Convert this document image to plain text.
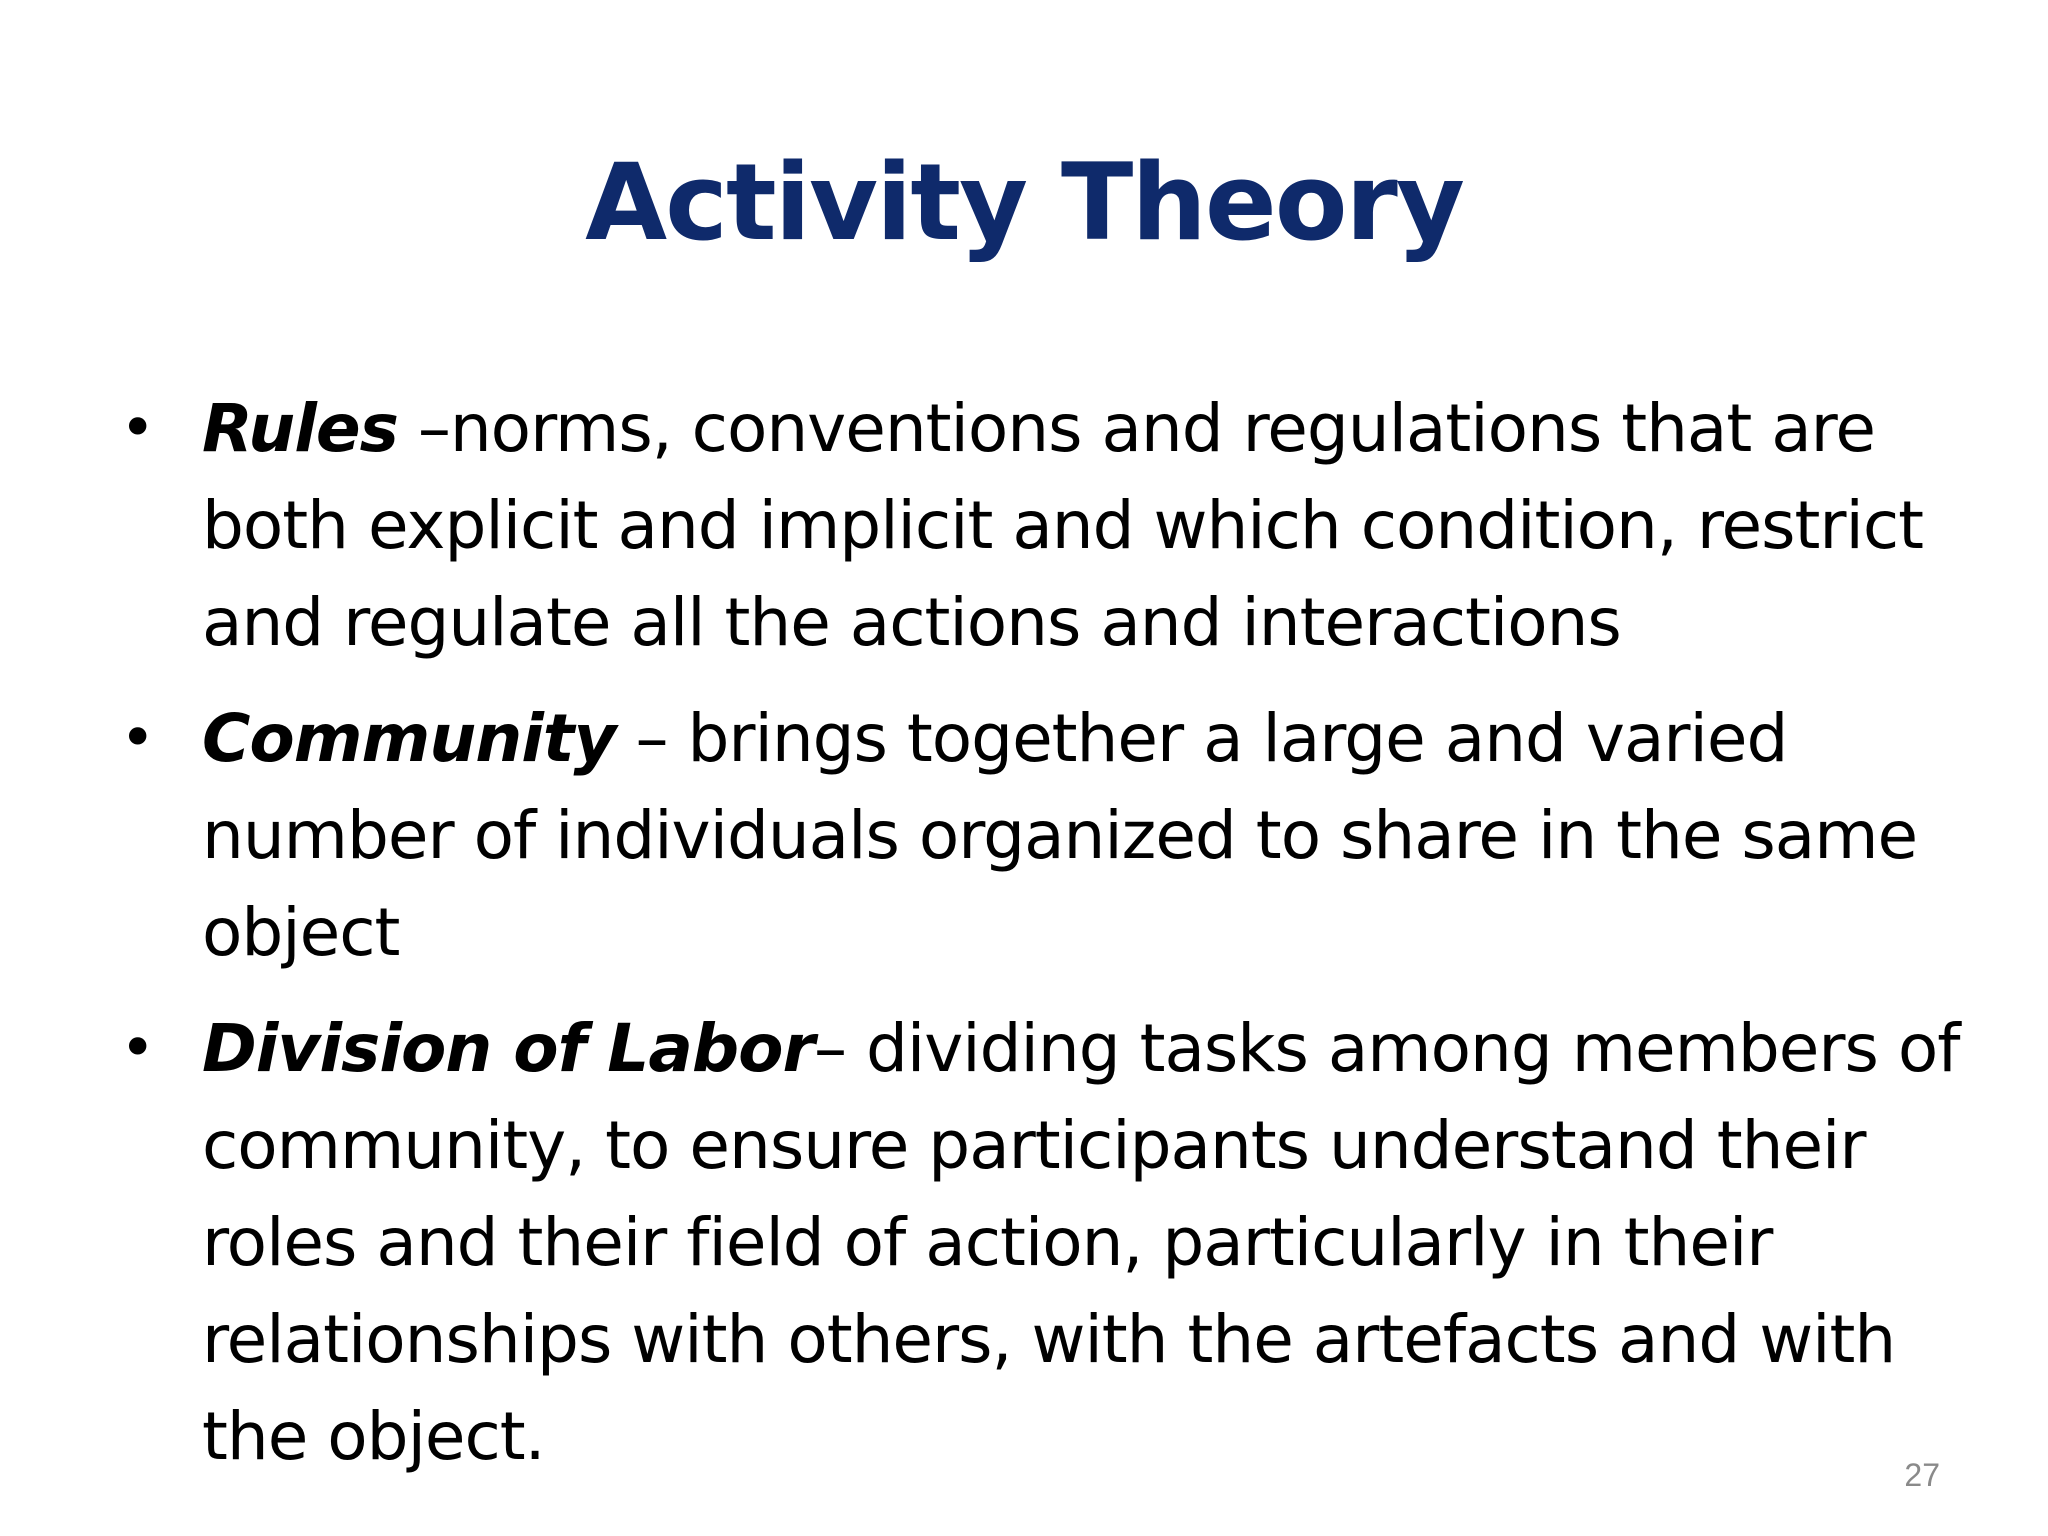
Activity Theory
• Rules –norms, conventions and regulations that are both explicit and implicit and which condition, restrict and regulate all the actions and interactions

• Community – brings together a large and varied number of individuals organized to share in the same object

• Division of Labor– dividing tasks among members of community, to ensure participants understand their roles and their field of action, particularly in their relationships with others, with the artefacts and with the object.	27
